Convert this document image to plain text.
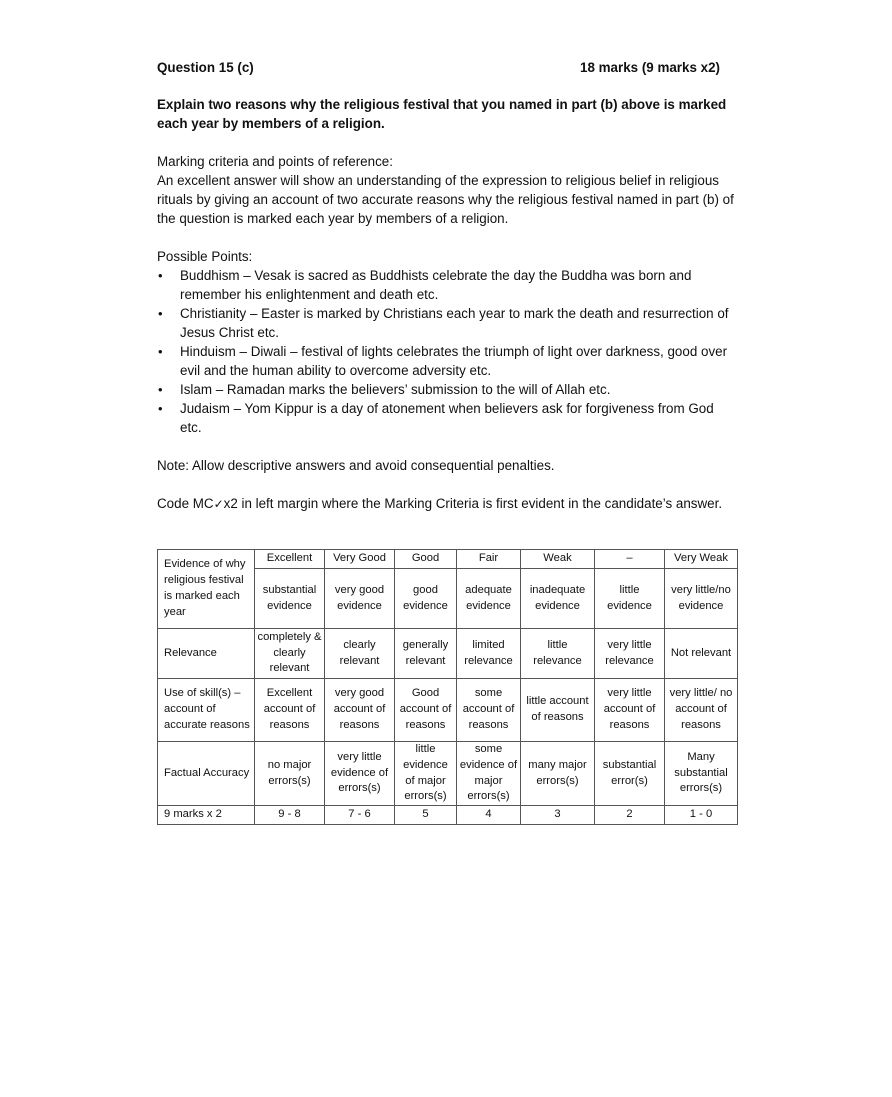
Question 15 (c)	18 marks (9 marks x2)
Explain two reasons why the religious festival that you named in part (b) above is marked each year by members of a religion.
Marking criteria and points of reference:
An excellent answer will show an understanding of the expression to religious belief in religious rituals by giving an account of two accurate reasons why the religious festival named in part (b) of the question is marked each year by members of a religion.
Possible Points:
• Buddhism – Vesak is sacred as Buddhists celebrate the day the Buddha was born and remember his enlightenment and death etc.
• Christianity – Easter is marked by Christians each year to mark the death and resurrection of Jesus Christ etc.
• Hinduism – Diwali – festival of lights celebrates the triumph of light over darkness, good over evil and the human ability to overcome adversity etc.
• Islam – Ramadan marks the believers’ submission to the will of Allah etc.
• Judaism – Yom Kippur is a day of atonement when believers ask for forgiveness from God etc.
Note: Allow descriptive answers and avoid consequential penalties.
Code MC✓x2 in left margin where the Marking Criteria is first evident in the candidate’s answer.
Evidence of why religious festival is marked each year	Excellent	Very Good	Good	Fair	Weak	–	Very Weak
	substantial evidence	very good evidence	good evidence	adequate evidence	inadequate evidence	little evidence	very little/no evidence
Relevance	completely & clearly relevant	clearly relevant	generally relevant	limited relevance	little relevance	very little relevance	Not relevant
Use of skill(s) – account of accurate reasons	Excellent account of reasons	very good account of reasons	Good account of reasons	some account of reasons	little account of reasons	very little account of reasons	very little/ no account of reasons
Factual Accuracy	no major errors(s)	very little evidence of errors(s)	little evidence of major errors(s)	some evidence of major errors(s)	many major errors(s)	substantial error(s)	Many substantial errors(s)
9 marks x 2	9 - 8	7 - 6	5	4	3	2	1 - 0
